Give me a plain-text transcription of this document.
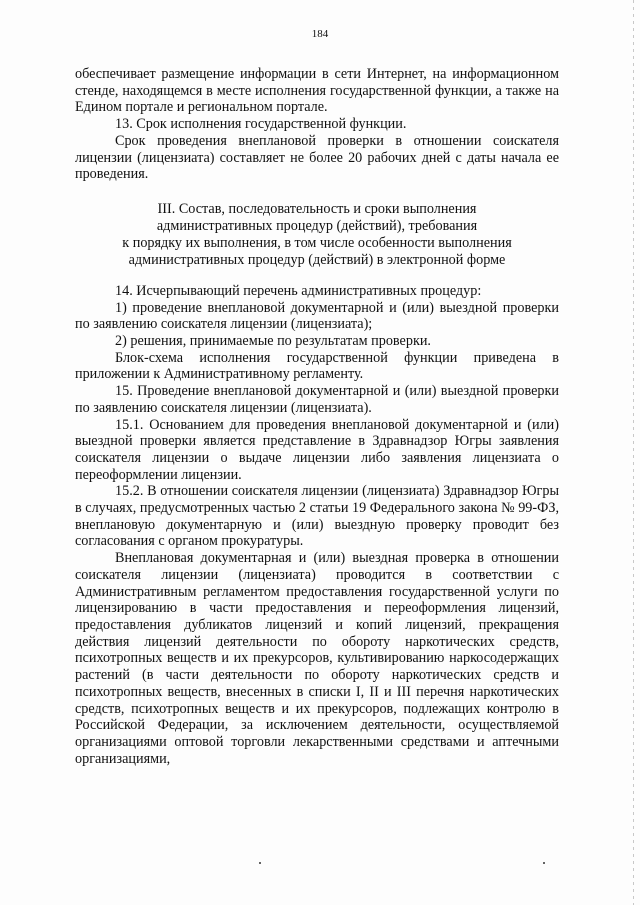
184

обеспечивает размещение информации в сети Интернет, на информационном стенде, находящемся в месте исполнения государственной функции, а также на Едином портале и региональном портале.

13. Срок исполнения государственной функции.

Срок проведения внеплановой проверки в отношении соискателя лицензии (лицензиата) составляет не более 20 рабочих дней с даты начала ее проведения.

III. Состав, последовательность и сроки выполнения
административных процедур (действий), требования
к порядку их выполнения, в том числе особенности выполнения
административных процедур (действий) в электронной форме

14. Исчерпывающий перечень административных процедур:

1) проведение внеплановой документарной и (или) выездной проверки по заявлению соискателя лицензии (лицензиата);

2) решения, принимаемые по результатам проверки.

Блок-схема исполнения государственной функции приведена в приложении к Административному регламенту.

15. Проведение внеплановой документарной и (или) выездной проверки по заявлению соискателя лицензии (лицензиата).

15.1. Основанием для проведения внеплановой документарной и (или) выездной проверки является представление в Здравнадзор Югры заявления соискателя лицензии о выдаче лицензии либо заявления лицензиата о переоформлении лицензии.

15.2. В отношении соискателя лицензии (лицензиата) Здравнадзор Югры в случаях, предусмотренных частью 2 статьи 19 Федерального закона № 99-ФЗ, внеплановую документарную и (или) выездную проверку проводит без согласования с органом прокуратуры.

Внеплановая документарная и (или) выездная проверка в отношении соискателя лицензии (лицензиата) проводится в соответствии с Административным регламентом предоставления государственной услуги по лицензированию в части предоставления и переоформления лицензий, предоставления дубликатов лицензий и копий лицензий, прекращения действия лицензий деятельности по обороту наркотических средств, психотропных веществ и их прекурсоров, культивированию наркосодержащих растений (в части деятельности по обороту наркотических средств и психотропных веществ, внесенных в списки I, II и III перечня наркотических средств, психотропных веществ и их прекурсоров, подлежащих контролю в Российской Федерации, за исключением деятельности, осуществляемой организациями оптовой торговли лекарственными средствами и аптечными организациями,
